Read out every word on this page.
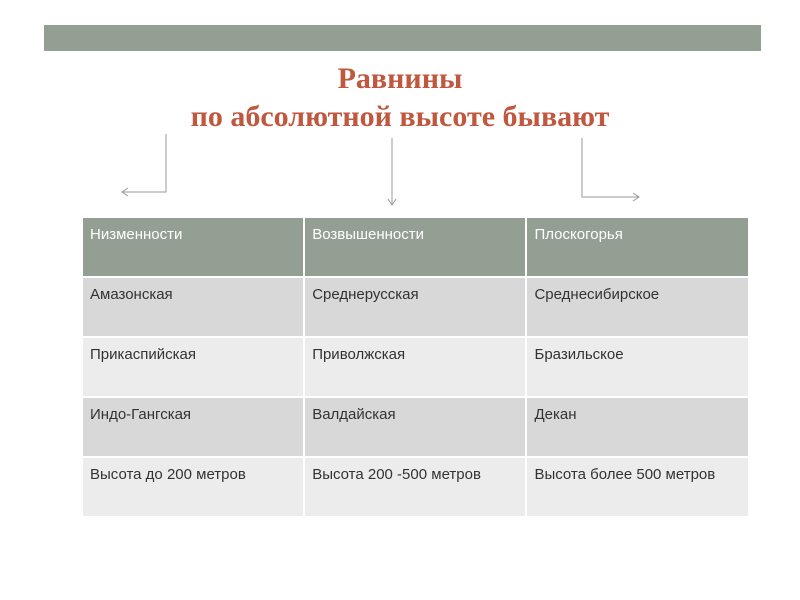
Равнины
по абсолютной высоте бывают
Низменности	Возвышенности	Плоскогорья
Амазонская	Среднерусская	Среднесибирское
Прикаспийская	Приволжская	Бразильское
Индо-Гангская	Валдайская	Декан
Высота до 200 метров	Высота 200 -500 метров	Высота более 500 метров
